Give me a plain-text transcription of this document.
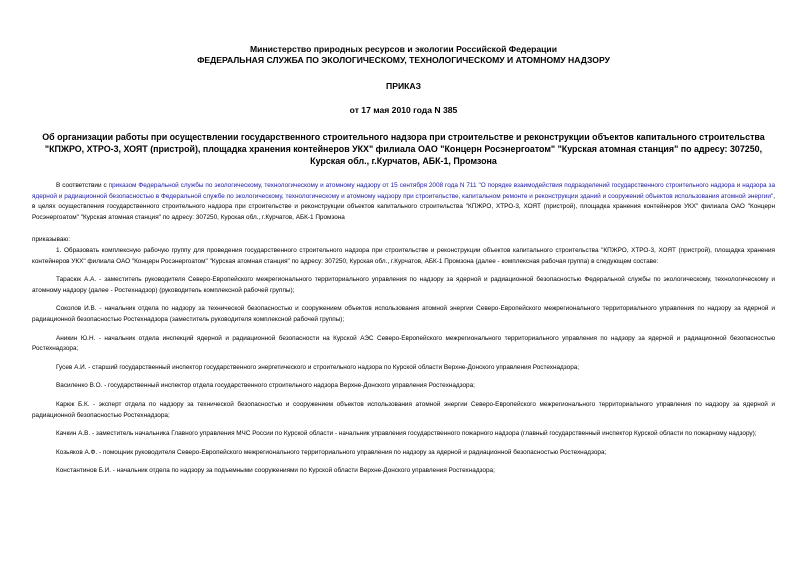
Министерство природных ресурсов и экологии Российской Федерации
ФЕДЕРАЛЬНАЯ СЛУЖБА ПО ЭКОЛОГИЧЕСКОМУ, ТЕХНОЛОГИЧЕСКОМУ И АТОМНОМУ НАДЗОРУ
ПРИКАЗ
от 17 мая 2010 года N 385
Об организации работы при осуществлении государственного строительного надзора при строительстве и реконструкции объектов капитального строительства "КПЖРО, ХТРО-3, ХОЯТ (пристрой), площадка хранения контейнеров УКХ" филиала ОАО "Концерн Росэнергоатом" "Курская атомная станция" по адресу: 307250, Курская обл., г.Курчатов, АБК-1, Промзона
В соответствии с приказом Федеральной службы по экологическому, технологическому и атомному надзору от 15 сентября 2008 года N 711 "О порядке взаимодействия подразделений государственного строительного надзора и надзора за ядерной и радиационной безопасностью в Федеральной службе по экологическому, технологическому и атомному надзору при строительстве, капитальном ремонте и реконструкции зданий и сооружений объектов использования атомной энергии", в целях осуществления государственного строительного надзора при строительстве и реконструкции объектов капитального строительства "КПЖРО, ХТРО-3, ХОЯТ (пристрой), площадка хранения контейнеров УКХ" филиала ОАО "Концерн Росэнергоатом" "Курская атомная станция" по адресу: 307250, Курская обл., г.Курчатов, АБК-1 Промзона
приказываю:
1. Образовать комплексную рабочую группу для проведения государственного строительного надзора при строительстве и реконструкции объектов капитального строительства "КПЖРО, ХТРО-3, ХОЯТ (пристрой), площадка хранения контейнеров УКХ" филиала ОАО "Концерн Росэнергоатом" "Курская атомная станция" по адресу: 307250, Курская обл., г.Курчатов, АБК-1 Промзона (далее - комплексная рабочая группа) в следующем составе:
Тарасюк А.А. - заместитель руководителя Северо-Европейского межрегионального территориального управления по надзору за ядерной и радиационной безопасностью Федеральной службы по экологическому, технологическому и атомному надзору (далее - Ростехнадзор) (руководитель комплексной рабочей группы);
Соколов И.В. - начальник отдела по надзору за технической безопасностью и сооружением объектов использования атомной энергии Северо-Европейского межрегионального территориального управления по надзору за ядерной и радиационной безопасностью Ростехнадзора (заместитель руководителя комплексной рабочей группы);
Аникин Ю.Н. - начальник отдела инспекций ядерной и радиационной безопасности на Курской АЭС Северо-Европейского межрегионального территориального управления по надзору за ядерной и радиационной безопасностью Ростехнадзора;
Гусев А.И. - старший государственный инспектор государственного энергетического и строительного надзора по Курской области Верхне-Донского управления Ростехнадзора;
Василенко В.О. - государственный инспектор отдела государственного строительного надзора Верхне-Донского управления Ростехнадзора;
Карюк Б.К. - эксперт отдела по надзору за технической безопасностью и сооружением объектов использования атомной энергии Северо-Европейского межрегионального территориального управления по надзору за ядерной и радиационной безопасностью Ростехнадзора;
Качкин А.В. - заместитель начальника Главного управления МЧС России по Курской области - начальник управления государственного пожарного надзора (главный государственный инспектор Курской области по пожарному надзору);
Козьяков А.Ф. - помощник руководителя Северо-Европейского межрегионального территориального управления по надзору за ядерной и радиационной безопасностью Ростехнадзора;
Константинов Б.И. - начальник отдела по надзору за подъемными сооружениями по Курской области Верхне-Донского управления Ростехнадзора;
